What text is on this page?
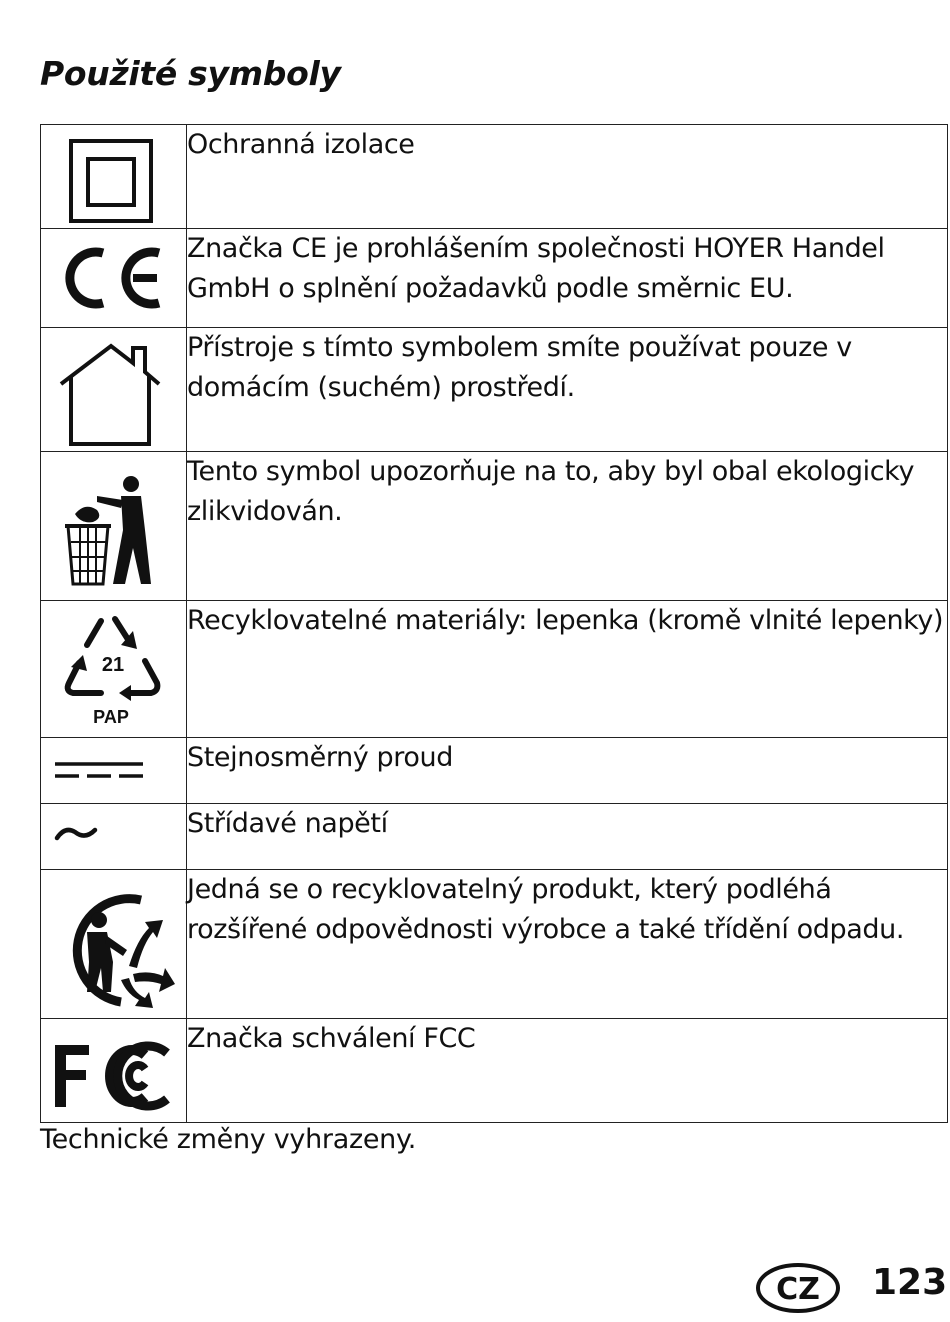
Použité symboly
	Ochranná izolace

	Značka CE je prohlášením společnosti HOYER Handel GmbH o splnění požadavků podle směrnic EU.

	Přístroje s tímto symbolem smíte používat pouze v domácím (suchém) prostředí.

	Tento symbol upozorňuje na to, aby byl obal ekologicky zlikvidován.

21
PAP	Recyklovatelné materiály: lepenka (kromě vlnité lepenky)

	Stejnosměrný proud

	Střídavé napětí

	Jedná se o recyklovatelný produkt, který podléhá rozšířené odpovědnosti výrobce a také třídění odpadu.

	Značka schválení FCC

Technické změny vyhrazeny.

CZ 123
